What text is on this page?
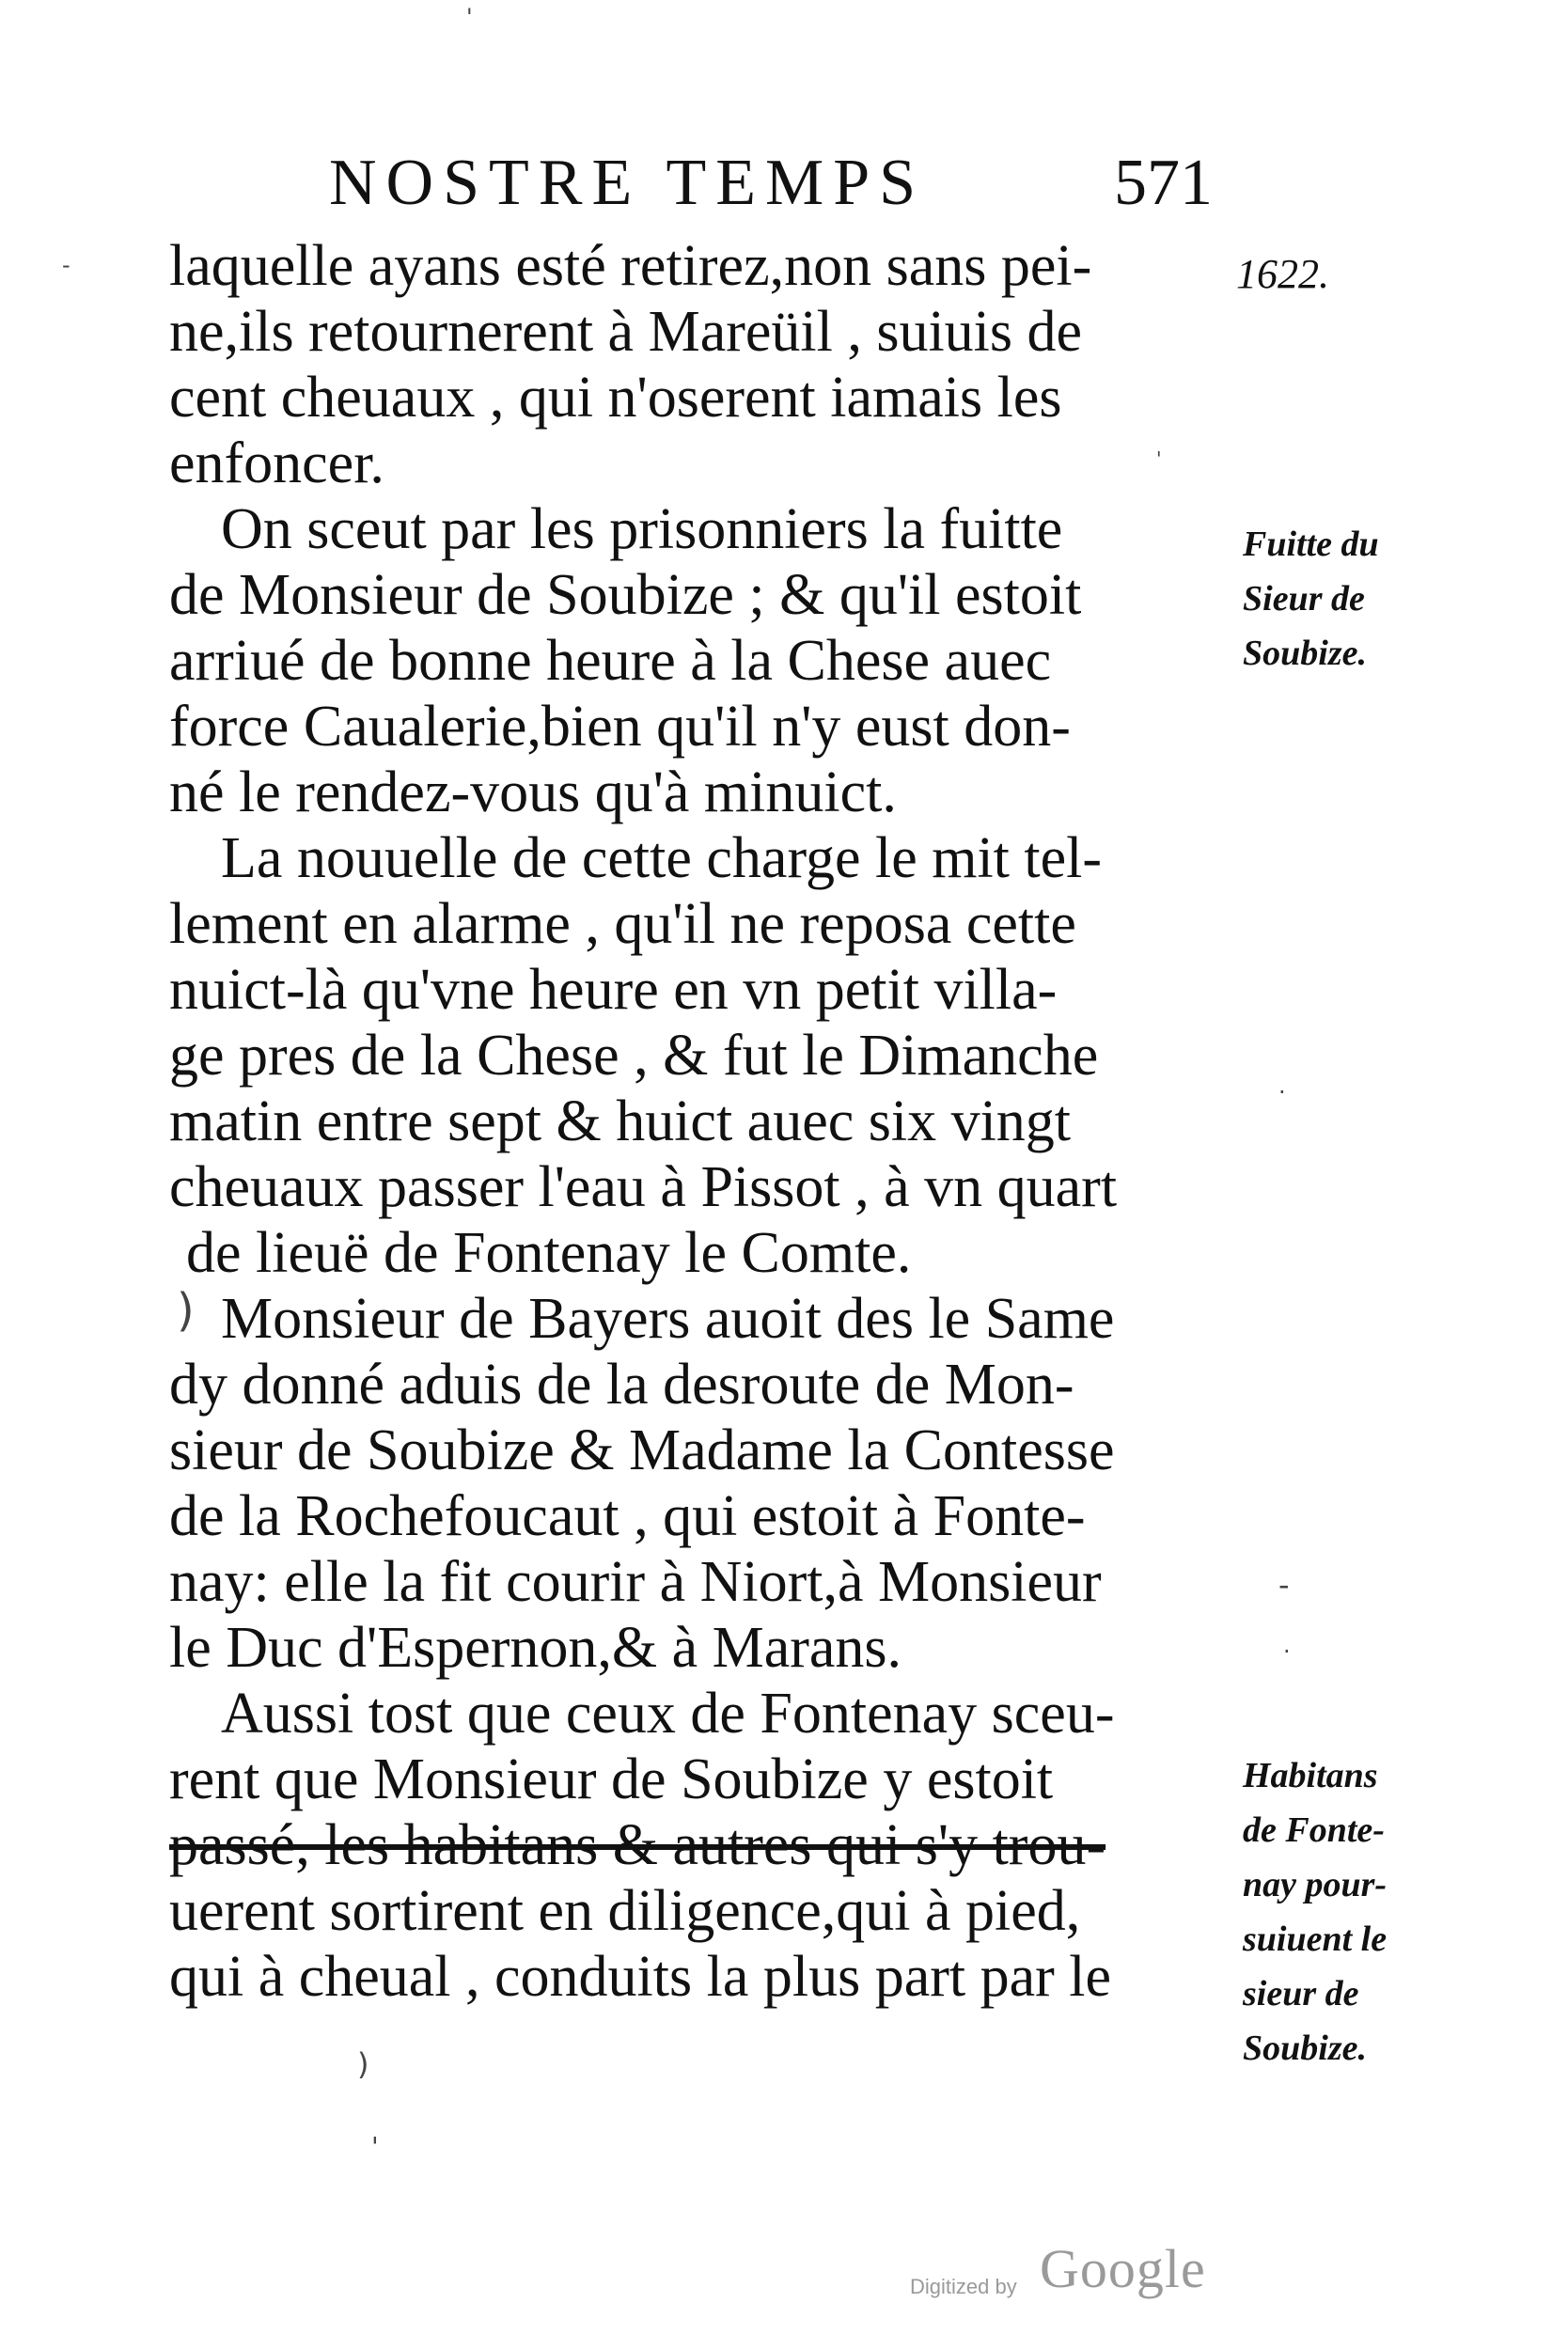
NOSTRE TEMPS	571
1622.
laquelle ayans esté retirez,non sans pei-
ne,ils retournerent à Mareüil , suiuis de
cent cheuaux , qui n'oserent iamais les
enfoncer.
On sceut par les prisonniers la fuitte
de Monsieur de Soubize ; & qu'il estoit
arriué de bonne heure à la Chese auec
force Caualerie,bien qu'il n'y eust don-
né le rendez-vous qu'à minuict.
La nouuelle de cette charge le mit tel-
lement en alarme , qu'il ne reposa cette
nuict-là qu'vne heure en vn petit villa-
ge pres de la Chese , & fut le Dimanche
matin entre sept & huict auec six vingt
cheuaux passer l'eau à Pissot , à vn quart
de lieuë de Fontenay le Comte.
Monsieur de Bayers auoit des le Same
dy donné aduis de la desroute de Mon-
sieur de Soubize & Madame la Contesse
de la Rochefoucaut , qui estoit à Fonte-
nay: elle la fit courir à Niort,à Monsieur
le Duc d'Espernon,& à Marans.
Aussi tost que ceux de Fontenay sceu-
rent que Monsieur de Soubize y estoit
passé, les habitans & autres qui s'y trou-
uerent sortirent en diligence,qui à pied,
qui à cheual , conduits la plus part par le
Fuitte du
Sieur de
Soubize.
Habitans
de Fonte-
nay pour-
suiuent le
sieur de
Soubize.
'
-
'
·
-
·
)
)
'
Digitized by Google
